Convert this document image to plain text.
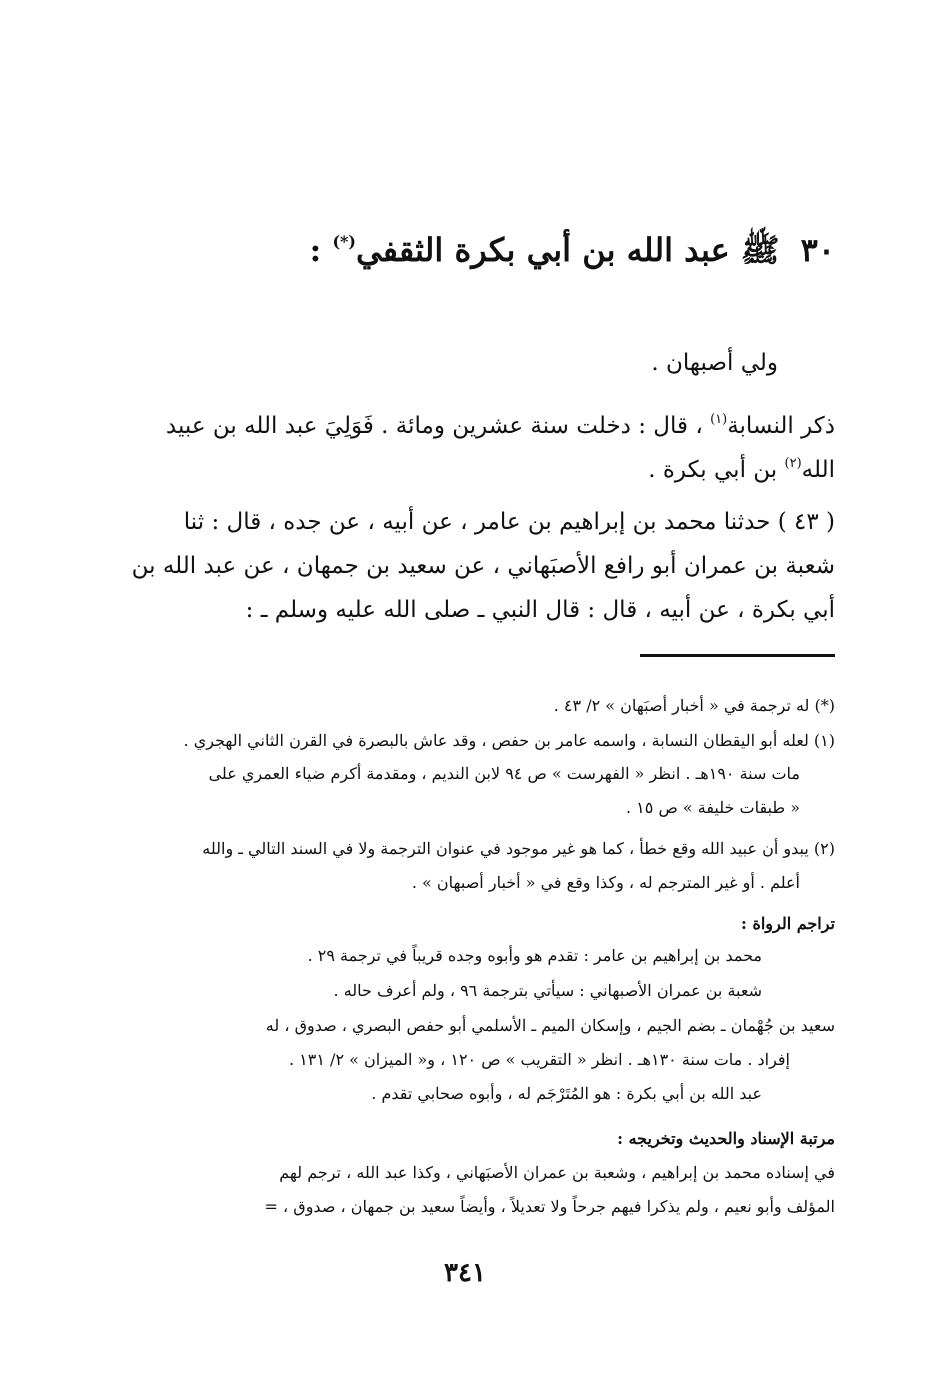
٣٠ ﷺ عبد الله بن أبي بكرة الثقفي(*) :
ولي أصبهان .
ذكر النسابة$^{(١)}$ ، قال : دخلت سنة عشرين ومائة . فَوَلِيَ عبد الله بن عبيد
الله$^{(٢)}$ بن أبي بكرة .
( ٤٣ ) حدثنا محمد بن إبراهيم بن عامر ، عن أبيه ، عن جده ، قال : ثنا
شعبة بن عمران أبو رافع الأصبَهاني ، عن سعيد بن جمهان ، عن عبد الله بن
أبي بكرة ، عن أبيه ، قال : قال النبي ـ صلى الله عليه وسلم ـ :
(*) له ترجمة في « أخبار أصبَهان » ٢/ ٤٣ .
(١) لعله أبو اليقطان النسابة ، واسمه عامر بن حفص ، وقد عاش بالبصرة في القرن الثاني الهجري .
مات سنة ١٩٠هـ . انظر « الفهرست » ص ٩٤ لابن النديم ، ومقدمة أكرم ضياء العمري على
« طبقات خليفة » ص ١٥ .
(٢) يبدو أن عبيد الله وقع خطأ ، كما هو غير موجود في عنوان الترجمة ولا في السند التالي ـ والله
أعلم . أو غير المترجم له ، وكذا وقع في « أخبار أصبهان » .
تراجم الرواة :
محمد بن إبراهيم بن عامر : تقدم هو وأبوه وجده قريباً في ترجمة ٢٩ .
شعبة بن عمران الأصبهاني : سيأتي بترجمة ٩٦ ، ولم أعرف حاله .
سعيد بن جُهْمان ـ بضم الجيم ، وإسكان الميم ـ الأسلمي أبو حفص البصري ، صدوق ، له
إفراد . مات سنة ١٣٠هـ . انظر « التقريب » ص ١٢٠ ، و« الميزان » ٢/ ١٣١ .
عبد الله بن أبي بكرة : هو المُتَرْجَم له ، وأبوه صحابي تقدم .
مرتبة الإسناد والحديث وتخريجه :
في إسناده محمد بن إبراهيم ، وشعبة بن عمران الأصبَهاني ، وكذا عبد الله ، ترجم لهم
المؤلف وأبو نعيم ، ولم يذكرا فيهم جرحاً ولا تعديلاً ، وأيضاً سعيد بن جمهان ، صدوق ، =
٣٤١
